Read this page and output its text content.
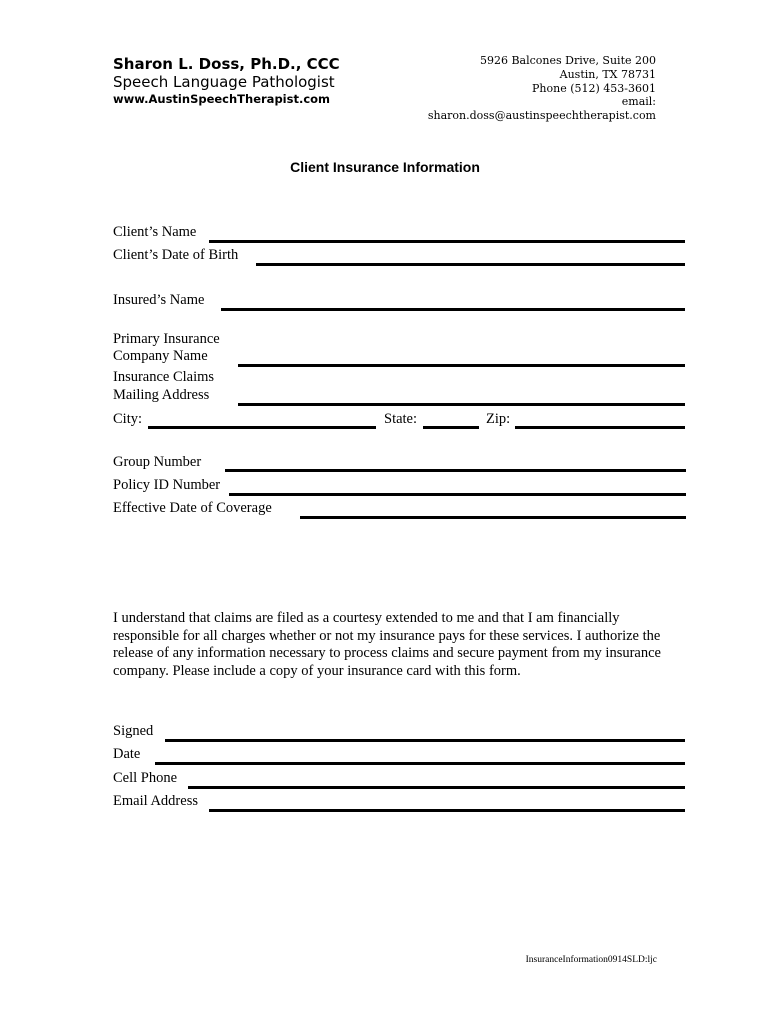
Sharon L. Doss, Ph.D., CCC
Speech Language Pathologist
www.AustinSpeechTherapist.com
5926 Balcones Drive, Suite 200
Austin, TX 78731
Phone (512) 453-3601
email:
sharon.doss@austinspeechtherapist.com
Client Insurance Information
Client’s Name
Client’s Date of Birth
Insured’s Name
Primary Insurance
Company Name
Insurance Claims
Mailing Address
City:	State:	Zip:
Group Number
Policy ID Number
Effective Date of Coverage
I understand that claims are filed as a courtesy extended to me and that I am financially responsible for all charges whether or not my insurance pays for these services. I authorize the release of any information necessary to process claims and secure payment from my insurance company. Please include a copy of your insurance card with this form.
Signed
Date
Cell Phone
Email Address
InsuranceInformation0914SLD:ljc
